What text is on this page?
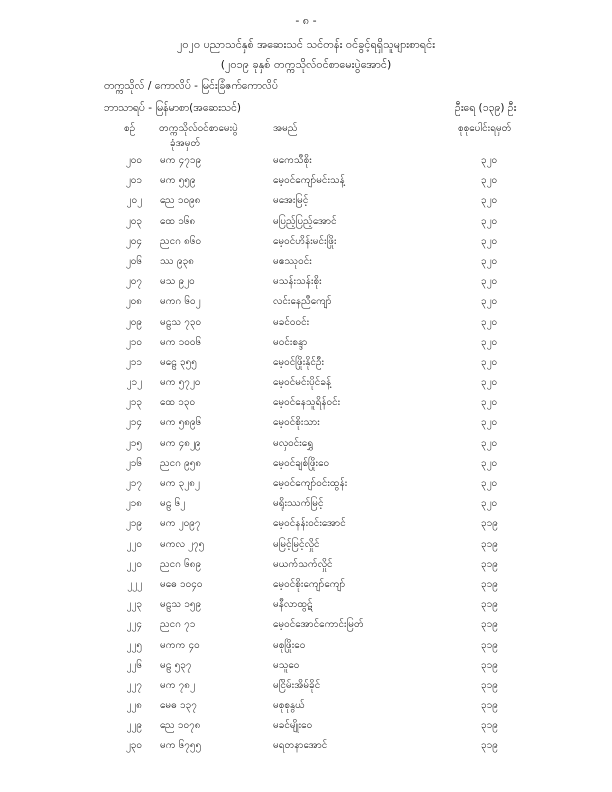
- ၈ -
၂၀၂၀ ပညာသင်နှစ် အဆေးသင် သင်တန်း ဝင်ခွင့်ရရှိသူများစာရင်း
(၂၀၁၉ ခုနှစ် တက္ကသိုလ်ဝင်စာမေးပွဲအောင်)
တက္ကသိုလ် / ကောလိပ် - မြင်းခြံ​ဇက်​ကောလိပ်
ဘာသာရပ် - မြန်မာစာ(အဆေးသင်)	ဦးရေ (၁၃၉) ဦး
စဉ် တက္ကသိုလ်ဝင်စာမေးပွဲ
ခုံအမှတ်
အမည်	စုစုပေါင်းရမှတ်
၂၀၀ မက ၄၇၁၉	မကေသီစိုး	၃၂၀
၂၀၁ မက ၅၅၉	မေ့ဝင်ကျော်မင်းသန့်	၃၂၀
၂၀၂ ညေ ၁၀၉၈	မအေးမြင့်	၃၂၀
၂၀၃ ထေ ၁၆၈	မပြည့်ပြည့်အောင်	၃၂၀
၂၀၄ ညငဂ ၈၆၀	မေ့ဝင်ဟိန်းမင်းဖြိုး	၃၂၀
၂၀၆ ဿ ၉၃၈	မဧဿုဝင်း	၃၂၀
၂၀၇ မသ ၉၂၀	မသန်းသန်းစိုး	၃၂၀
၂၀၈ မကဂ ၆၀၂	လင်းနေညီကျော်	၃၂၀
၂၀၉ မဠသ ၇၃၀	မခင်ဝဝင်း	၃၂၀
၂၁၀ မက ၁၀၀၆	မဝင်းစန္ဒာ	၃၂၀
၂၁၁ မဠေ ၃၅၅	မေ့ဝင်ဖြိုးနိုင်ဦး	၃၂၀
၂၁၂ မက ၅၇၂၀	မေ့ဝင်မင်းပိုင်ခန့်	၃၂၀
၂၁၃ ထေ ၁၃၀	မေ့ဝင်နေသူရိန်ဝင်း	၃၂၀
၂၁၄ မက ၅၈၉၆	မေ့ဝင်စိုးသား	၃၂၀
၂၁၅ မက ၄၈၂၉	မလှဝင်းရွှေ	၃၂၀
၂၁၆ ညငဂ ၉၅၈	မေ့ဝင်ချစ်ဖြိုးဝေ	၃၂၀
၂၁၇ မက ၃၂၈၂	မေ့ဝင်ကျော်ဝင်းထွန်း	၃၂၀
၂၁၈ မဠ ၆၂	မရိုးဿက်မြင့်	၃၂၀
၂၁၉ မက ၂၀၉၇	မေ့ဝင်နန်းဝင်းအောင်	၃၁၉
၂၂၀ မကလ ၂၇၅	မမြင့်မြင့်လှိုင်	၃၁၉
၂၂၀ ညငဂ ၆၈၉	မယက်သက်လှိုင်	၃၁၉
၂၂၂ မဓေ ၁၀၄၀	မေ့ဝင်စိုးကျော်ကျော်	၃၁၉
၂၂၃ မဠသ ၁၅၉	မနီလာထွဋ်	၃၁၉
၂၂၄ ညငဂ ၇၁	မေ့ဝင်အောင်ကောင်းမြတ်	၃၁၉
၂၂၅ မကက ၄၀	မစုဖြိုးဝေ	၃၁၉
၂၂၆ မဠ ၅၃၇	မသူဝေ	၃၁၉
၂၂၇ မက ၇၈၂	မငြိမ်းအိမ်ခိုင်	၃၁၉
၂၂၈ မေဓ ၁၃၇	မစုစုနွယ်	၃၁၉
၂၂၉ ညေ ၁၀၇၈	မခင်မျိုးဝေ	၃၁၉
၂၃၀ မက ၆၇၅၅	မရတနာအောင်	၃၁၉
